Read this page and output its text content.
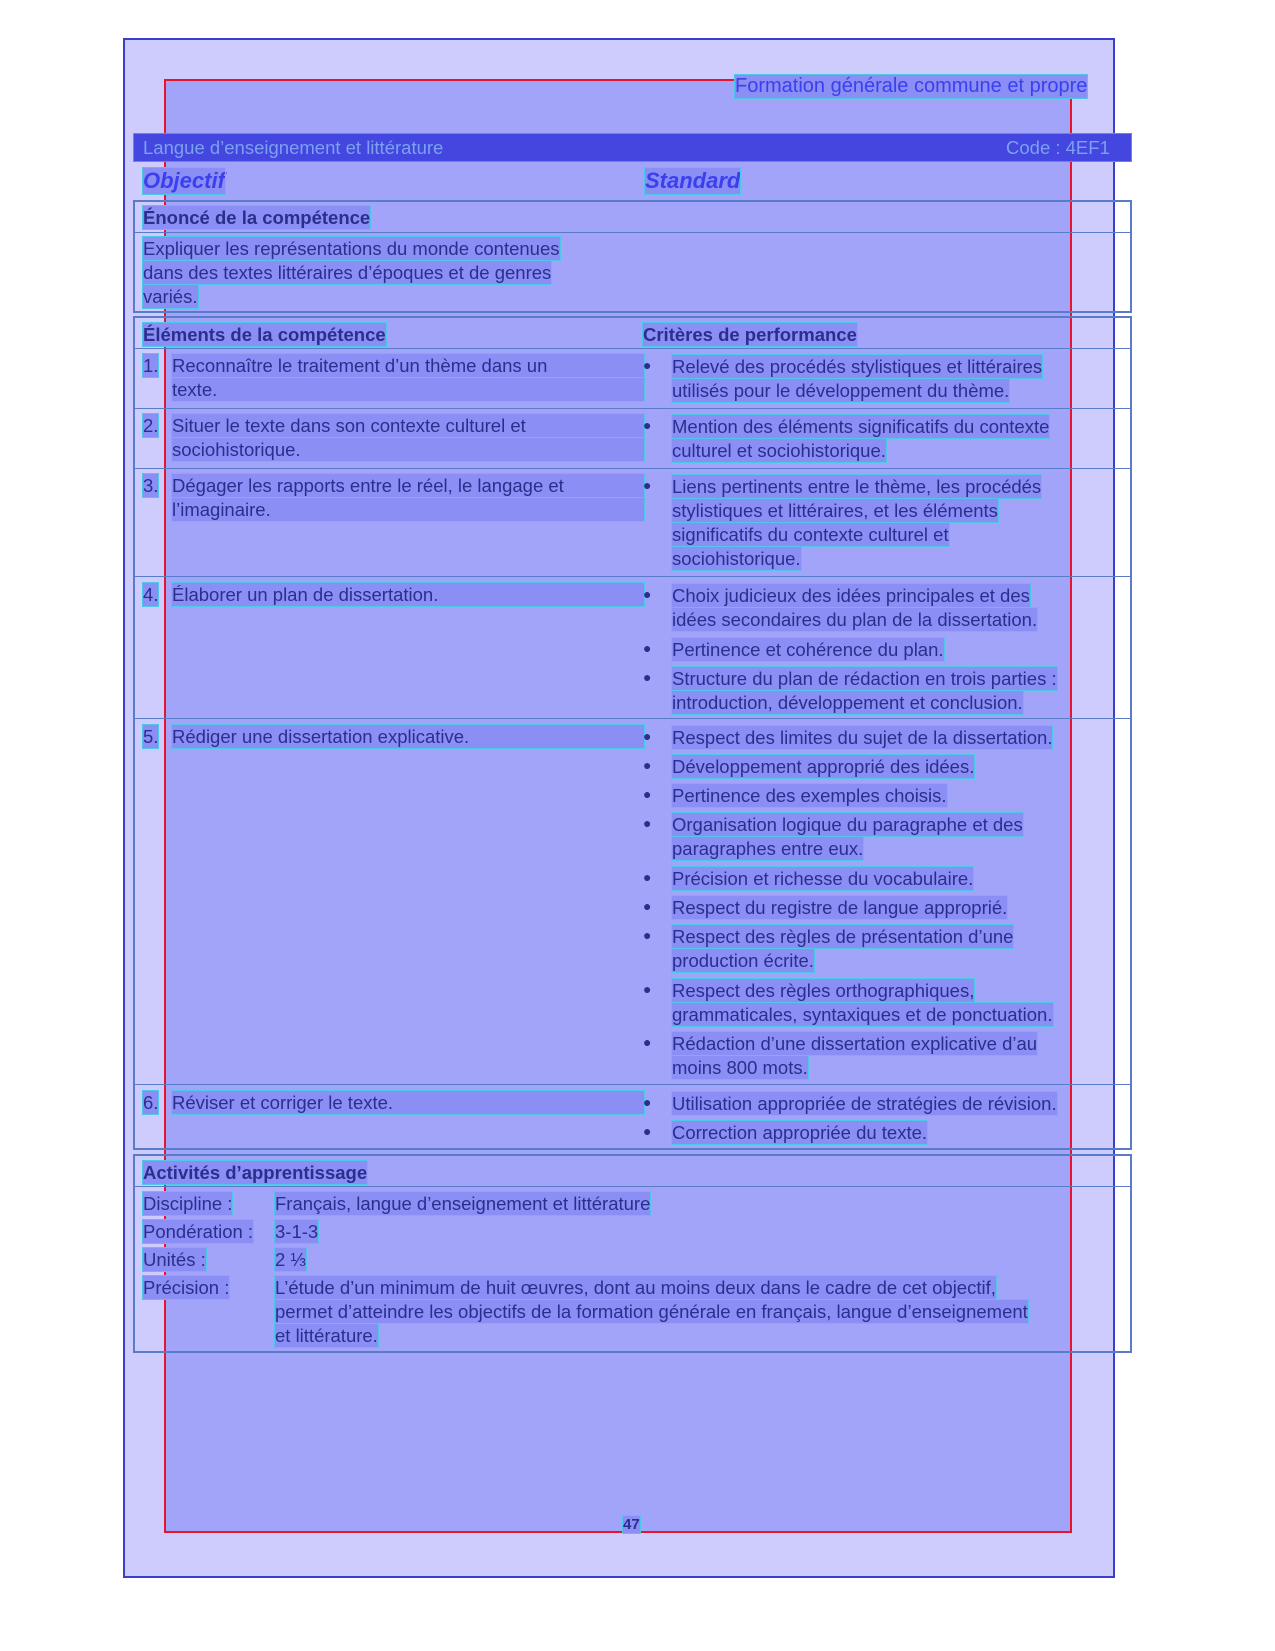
Formation générale commune et propre
Langue d’enseignement et littérature	Code : 4EF1
Objectif	Standard
Énoncé de la compétence
Expliquer les représentations du monde contenues
dans des textes littéraires d’époques et de genres
variés.
Éléments de la compétence	Critères de performance
1. Reconnaître le traitement d’un thème dans un
texte.
● Relevé des procédés stylistiques et littéraires
utilisés pour le développement du thème.
2. Situer le texte dans son contexte culturel et
sociohistorique.
● Mention des éléments significatifs du contexte
culturel et sociohistorique.
3. Dégager les rapports entre le réel, le langage et
l’imaginaire.
● Liens pertinents entre le thème, les procédés
stylistiques et littéraires, et les éléments
significatifs du contexte culturel et
sociohistorique.
4. Élaborer un plan de dissertation.	● Choix judicieux des idées principales et des
idées secondaires du plan de la dissertation.
● Pertinence et cohérence du plan.
● Structure du plan de rédaction en trois parties :
introduction, développement et conclusion.
5. Rédiger une dissertation explicative.	● Respect des limites du sujet de la dissertation.
● Développement approprié des idées.
● Pertinence des exemples choisis.
● Organisation logique du paragraphe et des
paragraphes entre eux.
● Précision et richesse du vocabulaire.
● Respect du registre de langue approprié.
● Respect des règles de présentation d’une
production écrite.
● Respect des règles orthographiques,
grammaticales, syntaxiques et de ponctuation.
● Rédaction d’une dissertation explicative d’au
moins 800 mots.
6. Réviser et corriger le texte.	● Utilisation appropriée de stratégies de révision.
● Correction appropriée du texte.
Activités d’apprentissage
Discipline : Français, langue d’enseignement et littérature
Pondération : 3-1-3
Unités :	2 ⅓
Précision : L’étude d’un minimum de huit œuvres, dont au moins deux dans le cadre de cet objectif,
permet d’atteindre les objectifs de la formation générale en français, langue d’enseignement
et littérature.
47
